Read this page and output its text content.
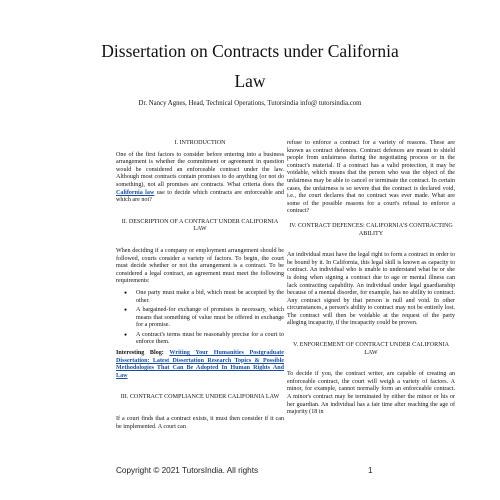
Dissertation on Contracts under California
Law
Dr. Nancy Agnes, Head, Technical Operations, Tutorsindia info@ tutorsindia.com

I. INTRODUCTION

One of the first factors to consider before entering into a business arrangement is whether the commitment or agreement in question would be considered an enforceable contract under the law. Although most contracts contain promises to do anything (or not do something), not all promises are contracts. What criteria does the California law use to decide which contracts are enforceable and which are not?

II. DESCRIPTION OF A CONTRACT UNDER CALIFORNIA LAW

When deciding if a company or employment arrangement should be followed, courts consider a variety of factors. To begin, the court must decide whether or not the arrangement is a contract. To be considered a legal contract, an agreement must meet the following requirements:

● One party must make a bid, which must be accepted by the other.
● A bargained-for exchange of promises is necessary, which means that something of value must be offered in exchange for a promise.
● A contract's terms must be reasonably precise for a court to enforce them.

Interesting Blog: Writing Your Humanities Postgraduate Dissertation: Latest Dissertation Research Topics & Possible Methodologies That Can Be Adopted In Human Rights And Law

III. CONTRACT COMPLIANCE UNDER CALIFORNIA LAW

If a court finds that a contract exists, it must then consider if it can be implemented. A court can

refuse to enforce a contract for a variety of reasons. These are known as contract defences. Contract defences are meant to shield people from unfairness during the negotiating process or in the contract's material. If a contract has a valid protection, it may be voidable, which means that the person who was the object of the unfairness may be able to cancel or terminate the contract. In certain cases, the unfairness is so severe that the contract is declared void, i.e., the court declares that no contract was ever made. What are some of the possible reasons for a court's refusal to enforce a contract?

IV. CONTRACT DEFENCES: CALIFORNIA'S CONTRACTING ABILITY

An individual must have the legal right to form a contract in order to be bound by it. In California, this legal skill is known as capacity to contract. An individual who is unable to understand what he or she is doing when signing a contract due to age or mental illness can lack contracting capability. An individual under legal guardianship because of a mental disorder, for example, has no ability to contract. Any contract signed by that person is null and void. In other circumstances, a person's ability to contract may not be entirely lost. The contract will then be voidable at the request of the party alleging incapacity, if the incapacity could be proven.

V. ENFORCEMENT OF CONTRACT UNDER CALIFORNIA LAW

To decide if you, the contract writer, are capable of creating an enforceable contract, the court will weigh a variety of factors. A minor, for example, cannot normally form an enforceable contract. A minor's contract may be terminated by either the minor or his or her guardian. An individual has a fair time after reaching the age of majority (18 in

Copyright © 2021 TutorsIndia. All rights	1
